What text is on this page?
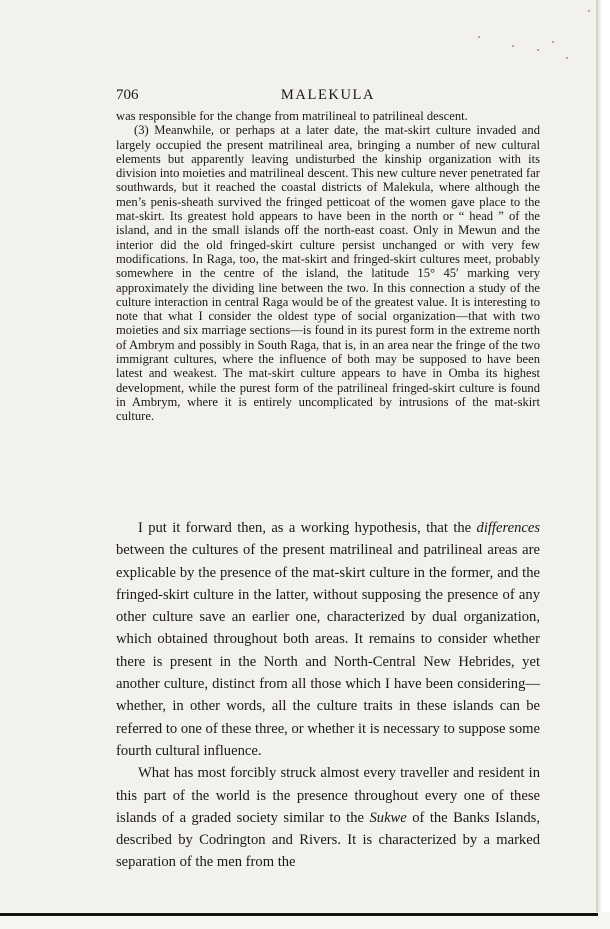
706	MALEKULA

was responsible for the change from matrilineal to patrilineal descent.

(3) Meanwhile, or perhaps at a later date, the mat-skirt culture invaded and largely occupied the present matrilineal area, bringing a number of new cultural elements but apparently leaving undisturbed the kinship organization with its division into moieties and matrilineal descent. This new culture never penetrated far southwards, but it reached the coastal districts of Malekula, where although the men’s penis-sheath survived the fringed petticoat of the women gave place to the mat-skirt. Its greatest hold appears to have been in the north or “ head ” of the island, and in the small islands off the north-east coast. Only in Mewun and the interior did the old fringed-skirt culture persist unchanged or with very few modifications. In Raga, too, the mat-skirt and fringed-skirt cultures meet, probably somewhere in the centre of the island, the latitude 15° 45′ marking very approximately the dividing line between the two. In this connection a study of the culture interaction in central Raga would be of the greatest value. It is interesting to note that what I consider the oldest type of social organization—that with two moieties and six marriage sections—is found in its purest form in the extreme north of Ambrym and possibly in South Raga, that is, in an area near the fringe of the two immigrant cultures, where the influence of both may be supposed to have been latest and weakest. The mat-skirt culture appears to have in Omba its highest development, while the purest form of the patrilineal fringed-skirt culture is found in Ambrym, where it is entirely uncomplicated by intrusions of the mat-skirt culture.

I put it forward then, as a working hypothesis, that the differences between the cultures of the present matrilineal and patrilineal areas are explicable by the presence of the mat-skirt culture in the former, and the fringed-skirt culture in the latter, without supposing the presence of any other culture save an earlier one, characterized by dual organization, which obtained throughout both areas. It remains to consider whether there is present in the North and North-Central New Hebrides, yet another culture, distinct from all those which I have been considering—whether, in other words, all the culture traits in these islands can be referred to one of these three, or whether it is necessary to suppose some fourth cultural influence.

What has most forcibly struck almost every traveller and resident in this part of the world is the presence throughout every one of these islands of a graded society similar to the Sukwe of the Banks Islands, described by Codrington and Rivers. It is characterized by a marked separation of the men from the
